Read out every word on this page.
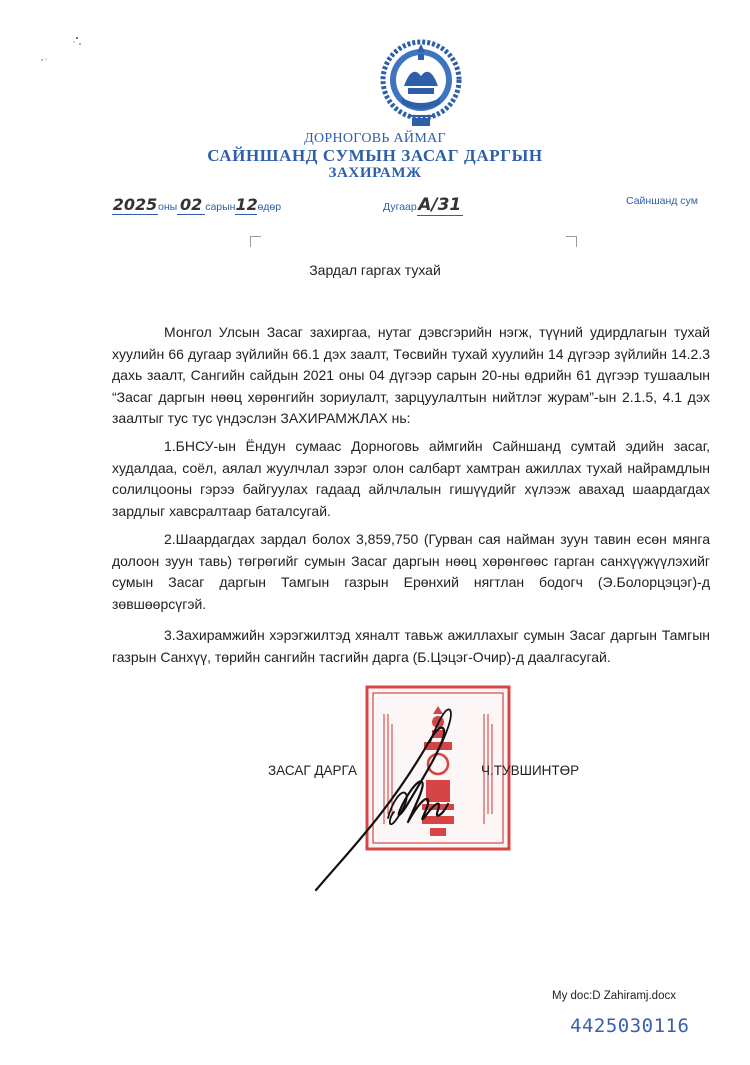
ДОРНОГОВЬ АЙМАГ
САЙНШАНД СУМЫН ЗАСАГ ДАРГЫН
ЗАХИРАМЖ
2025оны 02 сарын12өдөр	ДугаарА/31	Сайншанд сум
Зардал гаргах тухай

Монгол Улсын Засаг захиргаа, нутаг дэвсгэрийн нэгж, түүний удирдлагын тухай хуулийн 66 дугаар зүйлийн 66.1 дэх заалт, Төсвийн тухай хуулийн 14 дүгээр зүйлийн 14.2.3 дахь заалт, Сангийн сайдын 2021 оны 04 дүгээр сарын 20-ны өдрийн 61 дүгээр тушаалын “Засаг даргын нөөц хөрөнгийн зориулалт, зарцуулалтын нийтлэг журам”-ын 2.1.5, 4.1 дэх заалтыг тус тус үндэслэн ЗАХИРАМЖЛАХ нь:

1.БНСУ-ын Ёндун сумаас Дорноговь аймгийн Сайншанд сумтай эдийн засаг, худалдаа, соёл, аялал жуулчлал зэрэг олон салбарт хамтран ажиллах тухай найрамдлын солилцооны гэрээ байгуулах гадаад айлчлалын гишүүдийг хүлээж авахад шаардагдах зардлыг хавсралтаар баталсугай.

2.Шаардагдах зардал болох 3,859,750 (Гурван сая найман зуун тавин есөн мянга долоон зуун тавь) төгрөгийг сумын Засаг даргын нөөц хөрөнгөөс гарган санхүүжүүлэхийг сумын Засаг даргын Тамгын газрын Ерөнхий нягтлан бодогч (Э.Болорцэцэг)-д зөвшөөрсүгэй.

3.Захирамжийн хэрэгжилтэд хяналт тавьж ажиллахыг сумын Засаг даргын Тамгын газрын Санхүү, төрийн сангийн тасгийн дарга (Б.Цэцэг-Очир)-д даалгасугай.

ЗАСАГ ДАРГА	Ч.ТУВШИНТӨР
My doc:D Zahiramj.docx
4425030116
